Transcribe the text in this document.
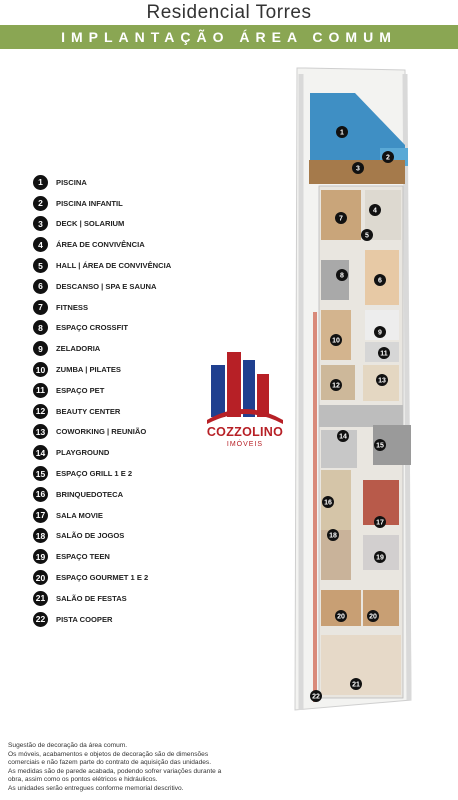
Residencial Torres
IMPLANTAÇÃO ÁREA COMUM
1	PISCINA
2	PISCINA INFANTIL
3	DECK | SOLARIUM
4	ÁREA DE CONVIVÊNCIA
5	HALL | ÁREA DE CONVIVÊNCIA
6	DESCANSO | SPA E SAUNA
7	FITNESS
8	ESPAÇO CROSSFIT
9	ZELADORIA
10	ZUMBA | PILATES
11	ESPAÇO PET
12	BEAUTY CENTER
13	COWORKING | REUNIÃO
14	PLAYGROUND
15	ESPAÇO GRILL 1 E 2
16	BRINQUEDOTECA
17	SALA MOVIE
18	SALÃO DE JOGOS
19	ESPAÇO TEEN
20	ESPAÇO GOURMET 1 E 2
21	SALÃO DE FESTAS
22	PISTA COOPER
COZZOLINO
IMÓVEIS
1
2
3
4
5
6
7
8
9
10
11
12
13
14
15
16
17
18
19
20	20
21
22
Sugestão de decoração da área comum.
Os móveis, acabamentos e objetos de decoração são de dimensões
comerciais e não fazem parte do contrato de aquisição das unidades.
As medidas são de parede acabada, podendo sofrer variações durante a
obra, assim como os pontos elétricos e hidráulicos.
As unidades serão entregues conforme memorial descritivo.
